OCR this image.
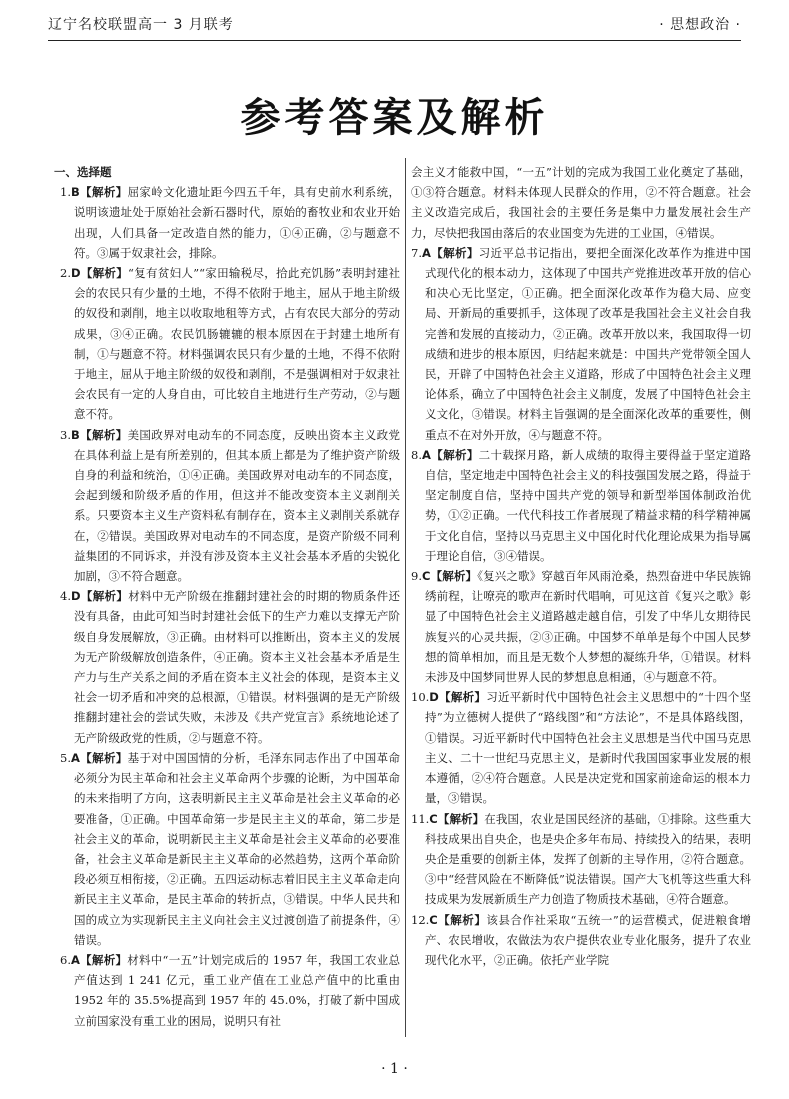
辽宁名校联盟高一 3 月联考	· 思想政治 ·
参考答案及解析
一、选择题

1.B【解析】屈家岭文化遗址距今四五千年，具有史前水利系统，说明该遗址处于原始社会新石器时代，原始的畜牧业和农业开始出现，人们具备一定改造自然的能力，①④正确，②与题意不符。③属于奴隶社会，排除。

2.D【解析】“复有贫妇人”“家田输税尽，拾此充饥肠”表明封建社会的农民只有少量的土地，不得不依附于地主，屈从于地主阶级的奴役和剥削，地主以收取地租等方式，占有农民大部分的劳动成果，③④正确。农民饥肠辘辘的根本原因在于封建土地所有制，①与题意不符。材料强调农民只有少量的土地，不得不依附于地主，屈从于地主阶级的奴役和剥削，不是强调相对于奴隶社会农民有一定的人身自由，可比较自主地进行生产劳动，②与题意不符。

3.B【解析】美国政界对电动车的不同态度，反映出资本主义政党在具体利益上是有所差别的，但其本质上都是为了维护资产阶级自身的利益和统治，①④正确。美国政界对电动车的不同态度，会起到缓和阶级矛盾的作用，但这并不能改变资本主义剥削关系。只要资本主义生产资料私有制存在，资本主义剥削关系就存在，②错误。美国政界对电动车的不同态度，是资产阶级不同利益集团的不同诉求，并没有涉及资本主义社会基本矛盾的尖锐化加剧，③不符合题意。

4.D【解析】材料中无产阶级在推翻封建社会的时期的物质条件还没有具备，由此可知当时封建社会低下的生产力难以支撑无产阶级自身发展解放，③正确。由材料可以推断出，资本主义的发展为无产阶级解放创造条件，④正确。资本主义社会基本矛盾是生产力与生产关系之间的矛盾在资本主义社会的体现，是资本主义社会一切矛盾和冲突的总根源，①错误。材料强调的是无产阶级推翻封建社会的尝试失败，未涉及《共产党宣言》系统地论述了无产阶级政党的性质，②与题意不符。

5.A【解析】基于对中国国情的分析，毛泽东同志作出了中国革命必须分为民主革命和社会主义革命两个步骤的论断，为中国革命的未来指明了方向，这表明新民主主义革命是社会主义革命的必要准备，①正确。中国革命第一步是民主主义的革命，第二步是社会主义的革命，说明新民主主义革命是社会主义革命的必要准备，社会主义革命是新民主主义革命的必然趋势，这两个革命阶段必须互相衔接，②正确。五四运动标志着旧民主主义革命走向新民主主义革命，是民主革命的转折点，③错误。中华人民共和国的成立为实现新民主主义向社会主义过渡创造了前提条件，④错误。

6.A【解析】材料中“一五”计划完成后的 1957 年，我国工农业总产值达到 1 241 亿元，重工业产值在工业总产值中的比重由 1952 年的 35.5%提高到 1957 年的 45.0%，打破了新中国成立前国家没有重工业的困局，说明只有社

会主义才能救中国，“一五”计划的完成为我国工业化奠定了基础，①③符合题意。材料未体现人民群众的作用，②不符合题意。社会主义改造完成后，我国社会的主要任务是集中力量发展社会生产力，尽快把我国由落后的农业国变为先进的工业国，④错误。

7.A【解析】习近平总书记指出，要把全面深化改革作为推进中国式现代化的根本动力，这体现了中国共产党推进改革开放的信心和决心无比坚定，①正确。把全面深化改革作为稳大局、应变局、开新局的重要抓手，这体现了改革是我国社会主义社会自我完善和发展的直接动力，②正确。改革开放以来，我国取得一切成绩和进步的根本原因，归结起来就是：中国共产党带领全国人民，开辟了中国特色社会主义道路，形成了中国特色社会主义理论体系，确立了中国特色社会主义制度，发展了中国特色社会主义文化，③错误。材料主旨强调的是全面深化改革的重要性，侧重点不在对外开放，④与题意不符。

8.A【解析】二十载探月路，新人成绩的取得主要得益于坚定道路自信，坚定地走中国特色社会主义的科技强国发展之路，得益于坚定制度自信，坚持中国共产党的领导和新型举国体制政治优势，①②正确。一代代科技工作者展现了精益求精的科学精神属于文化自信，坚持以马克思主义中国化时代化理论成果为指导属于理论自信，③④错误。

9.C【解析】《复兴之歌》穿越百年风雨沧桑，热烈奋进中华民族锦绣前程，让嘹亮的歌声在新时代唱响，可见这首《复兴之歌》彰显了中国特色社会主义道路越走越自信，引发了中华儿女期待民族复兴的心灵共振，②③正确。中国梦不单单是每个中国人民梦想的简单相加，而且是无数个人梦想的凝练升华，①错误。材料未涉及中国梦同世界人民的梦想息息相通，④与题意不符。

10.D【解析】习近平新时代中国特色社会主义思想中的“十四个坚持”为立德树人提供了“路线图”和“方法论”，不是具体路线图，①错误。习近平新时代中国特色社会主义思想是当代中国马克思主义、二十一世纪马克思主义，是新时代我国国家事业发展的根本遵循，②④符合题意。人民是决定党和国家前途命运的根本力量，③错误。

11.C【解析】在我国，农业是国民经济的基础，①排除。这些重大科技成果出自央企，也是央企多年布局、持续投入的结果，表明央企是重要的创新主体，发挥了创新的主导作用，②符合题意。③中“经营风险在不断降低”说法错误。国产大飞机等这些重大科技成果为发展新质生产力创造了物质技术基础，④符合题意。

12.C【解析】该县合作社采取“五统一”的运营模式，促进粮食增产、农民增收，农做法为农户提供农业专业化服务，提升了农业现代化水平，②正确。依托产业学院

· 1 ·
